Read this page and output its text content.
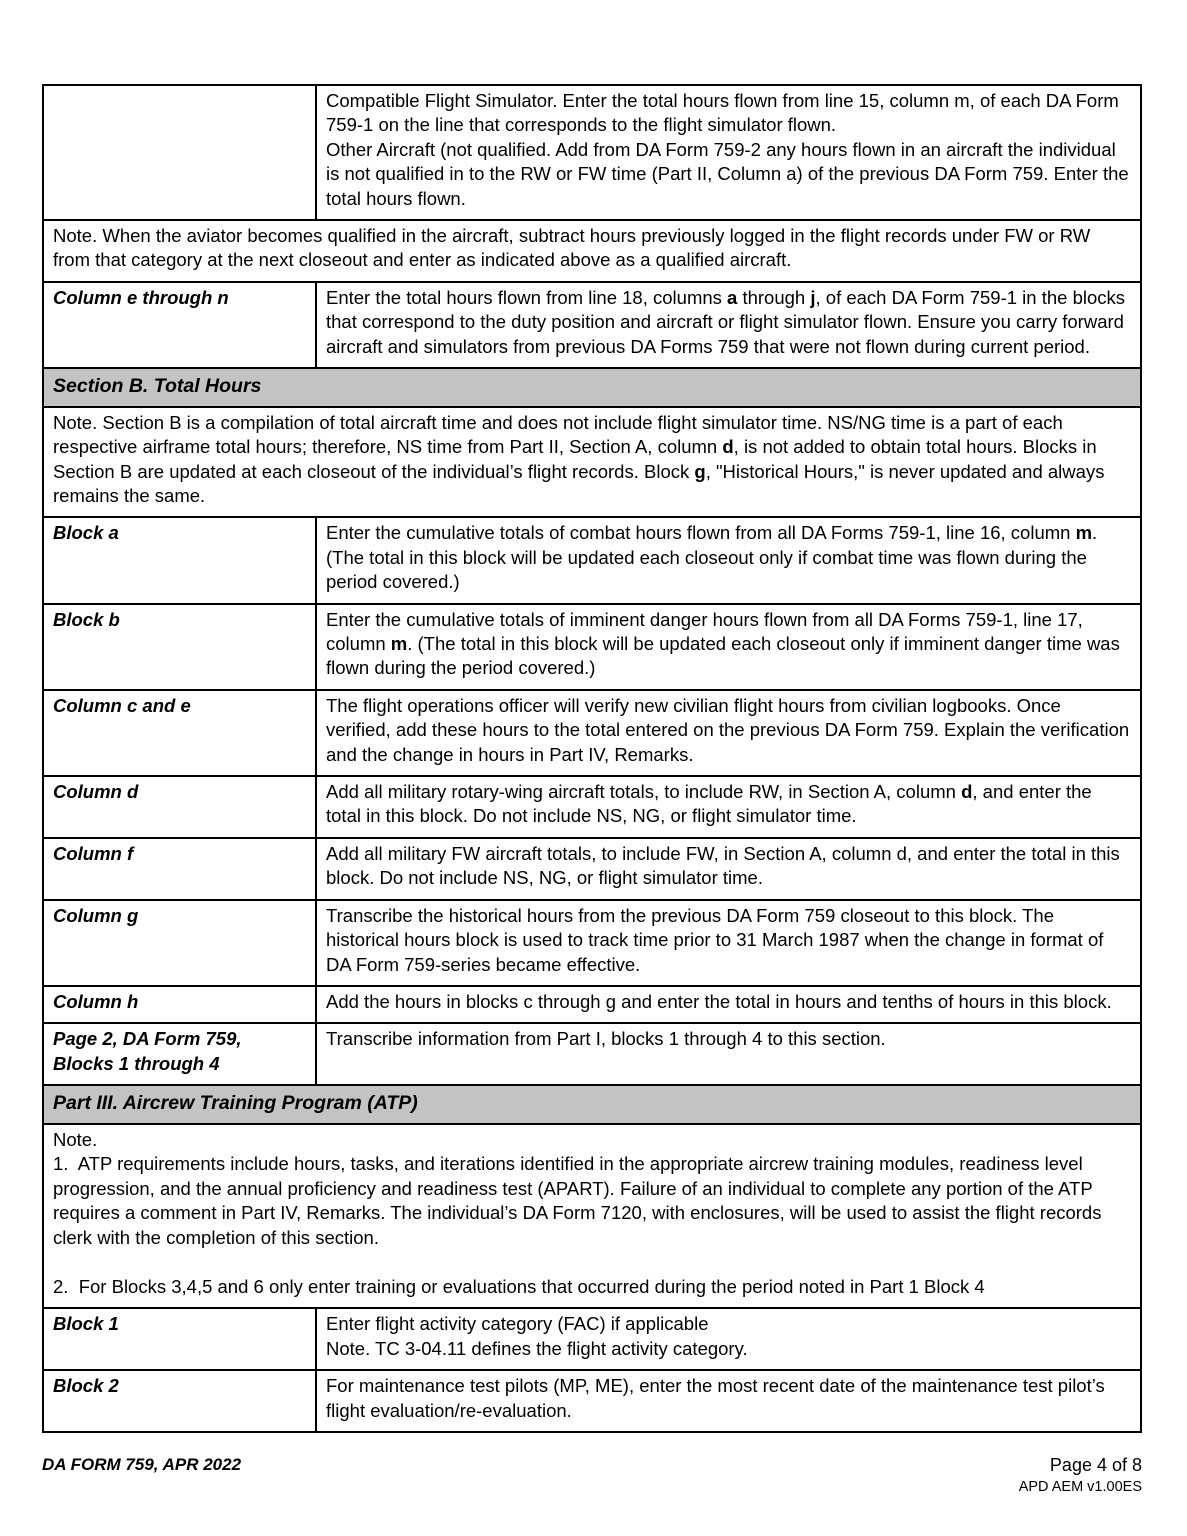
	Compatible Flight Simulator. Enter the total hours flown from line 15, column m, of each DA Form 759-1 on the line that corresponds to the flight simulator flown.

Other Aircraft (not qualified. Add from DA Form 759-2 any hours flown in an aircraft the individual is not qualified in to the RW or FW time (Part II, Column a) of the previous DA Form 759. Enter the total hours flown.

Note. When the aviator becomes qualified in the aircraft, subtract hours previously logged in the flight records under FW or RW from that category at the next closeout and enter as indicated above as a qualified aircraft.	

Column e through n	Enter the total hours flown from line 18, columns a through j, of each DA Form 759-1 in the blocks that correspond to the duty position and aircraft or flight simulator flown. Ensure you carry forward aircraft and simulators from previous DA Forms 759 that were not flown during current period.

Section B. Total Hours	

Note. Section B is a compilation of total aircraft time and does not include flight simulator time. NS/NG time is a part of each respective airframe total hours; therefore, NS time from Part II, Section A, column d, is not added to obtain total hours. Blocks in Section B are updated at each closeout of the individual’s flight records. Block g, "Historical Hours," is never updated and always remains the same.	

Block a	Enter the cumulative totals of combat hours flown from all DA Forms 759-1, line 16, column m. (The total in this block will be updated each closeout only if combat time was flown during the period covered.)

Block b	Enter the cumulative totals of imminent danger hours flown from all DA Forms 759-1, line 17, column m. (The total in this block will be updated each closeout only if imminent danger time was flown during the period covered.)

Column c and e	The flight operations officer will verify new civilian flight hours from civilian logbooks. Once verified, add these hours to the total entered on the previous DA Form 759. Explain the verification and the change in hours in Part IV, Remarks.

Column d	Add all military rotary-wing aircraft totals, to include RW, in Section A, column d, and enter the total in this block. Do not include NS, NG, or flight simulator time.

Column f	Add all military FW aircraft totals, to include FW, in Section A, column d, and enter the total in this block. Do not include NS, NG, or flight simulator time.

Column g	Transcribe the historical hours from the previous DA Form 759 closeout to this block. The historical hours block is used to track time prior to 31 March 1987 when the change in format of DA Form 759-series became effective.

Column h	Add the hours in blocks c through g and enter the total in hours and tenths of hours in this block.

Page 2, DA Form 759, Blocks 1 through 4	Transcribe information from Part I, blocks 1 through 4 to this section.

Part III. Aircrew Training Program (ATP)	

Note.

1.  ATP requirements include hours, tasks, and iterations identified in the appropriate aircrew training modules, readiness level progression, and the annual proficiency and readiness test (APART). Failure of an individual to complete any portion of the ATP requires a comment in Part IV, Remarks. The individual’s DA Form 7120, with enclosures, will be used to assist the flight records clerk with the completion of this section.

2.  For Blocks 3,4,5 and 6 only enter training or evaluations that occurred during the period noted in Part 1 Block 4	

Block 1	Enter flight activity category (FAC) if applicable

Note. TC 3-04.11 defines the flight activity category.

Block 2	For maintenance test pilots (MP, ME), enter the most recent date of the maintenance test pilot’s flight evaluation/re-evaluation.

DA FORM 759, APR 2022	Page 4 of 8
APD AEM v1.00ES
